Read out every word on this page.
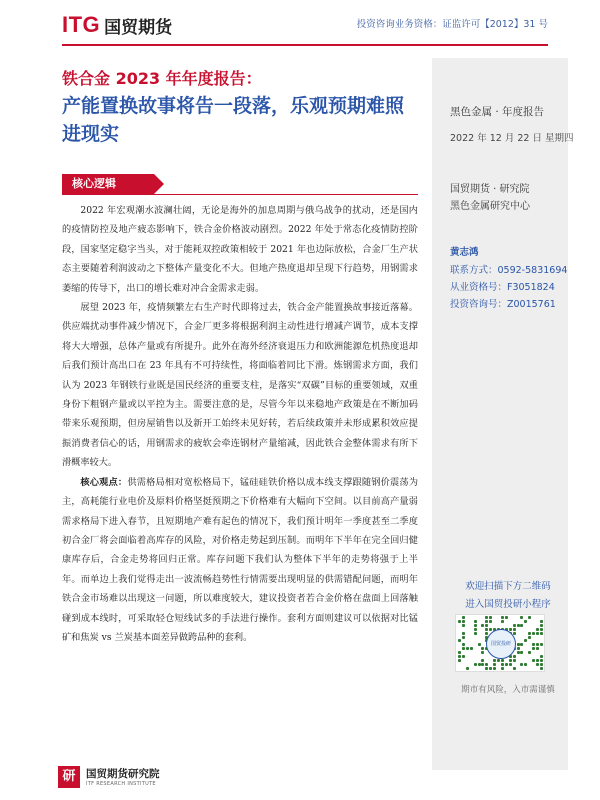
ITG 国贸期货	投资咨询业务资格：证监许可【2012】31 号
铁合金 2023 年年度报告：
产能置换故事将告一段落，乐观预期难照进现实
黑色金属 · 年度报告
2022 年 12 月 22 日 星期四
国贸期货 · 研究院
黑色金属研究中心
黄志鸿
联系方式：0592-5831694
从业资格号：F3051824
投资咨询号：Z0015761
欢迎扫描下方二维码
进入国贸投研小程序
国贸投研
期市有风险，入市需谨慎
核心逻辑

2022 年宏观潮水波澜壮阔，无论是海外的加息周期与俄乌战争的扰动，还是国内的疫情防控及地产疲态影响下，铁合金价格波动剧烈。2022 年处于常态化疫情防控阶段，国家坚定稳字当头，对于能耗双控政策相较于 2021 年也边际放松，合金厂生产状态主要随着利润波动之下整体产量变化不大。但地产热度退却呈现下行趋势，用钢需求萎缩的传导下，出口的增长难对冲合金需求走弱。

展望 2023 年，疫情频繁左右生产时代即将过去，铁合金产能置换故事接近落幕。供应端扰动事件减少情况下，合金厂更多将根据利润主动性进行增减产调节，成本支撑将大大增强，总体产量或有所提升。此外在海外经济衰退压力和欧洲能源危机热度退却后我们预计高出口在 23 年具有不可持续性，将面临着同比下滑。炼钢需求方面，我们认为 2023 年钢铁行业既是国民经济的重要支柱，是落实“双碳”目标的重要领域，双重身份下粗钢产量或以平控为主。需要注意的是，尽管今年以来稳地产政策是在不断加码带来乐观预期，但房屋销售以及新开工始终未见好转，若后续政策并未形成累积效应提振消费者信心的话，用钢需求的疲软会牵连钢材产量缩减，因此铁合金整体需求有所下滑概率较大。

核心观点：供需格局相对宽松格局下，锰硅硅铁价格以成本线支撑跟随钢价震荡为主，高耗能行业电价及原料价格坚挺预期之下价格难有大幅向下空间。以目前高产量弱需求格局下进入春节，且短期地产难有起色的情况下，我们预计明年一季度甚至二季度初合金厂将会面临着高库存的风险，对价格走势起到压制。而明年下半年在完全回归健康库存后，合金走势将回归正常。库存问题下我们认为整体下半年的走势将强于上半年。而单边上我们觉得走出一波流畅趋势性行情需要出现明显的供需错配问题，而明年铁合金市场难以出现这一问题，所以难度较大，建议投资者若合金价格在盘面上回落触碰到成本线时，可采取轻仓短线试多的手法进行操作。套利方面则建议可以依据对比锰矿和焦炭 vs 兰炭基本面差异做跨品种的套利。

研	国贸期货研究院
ITF RESEARCH INSTITUTE
